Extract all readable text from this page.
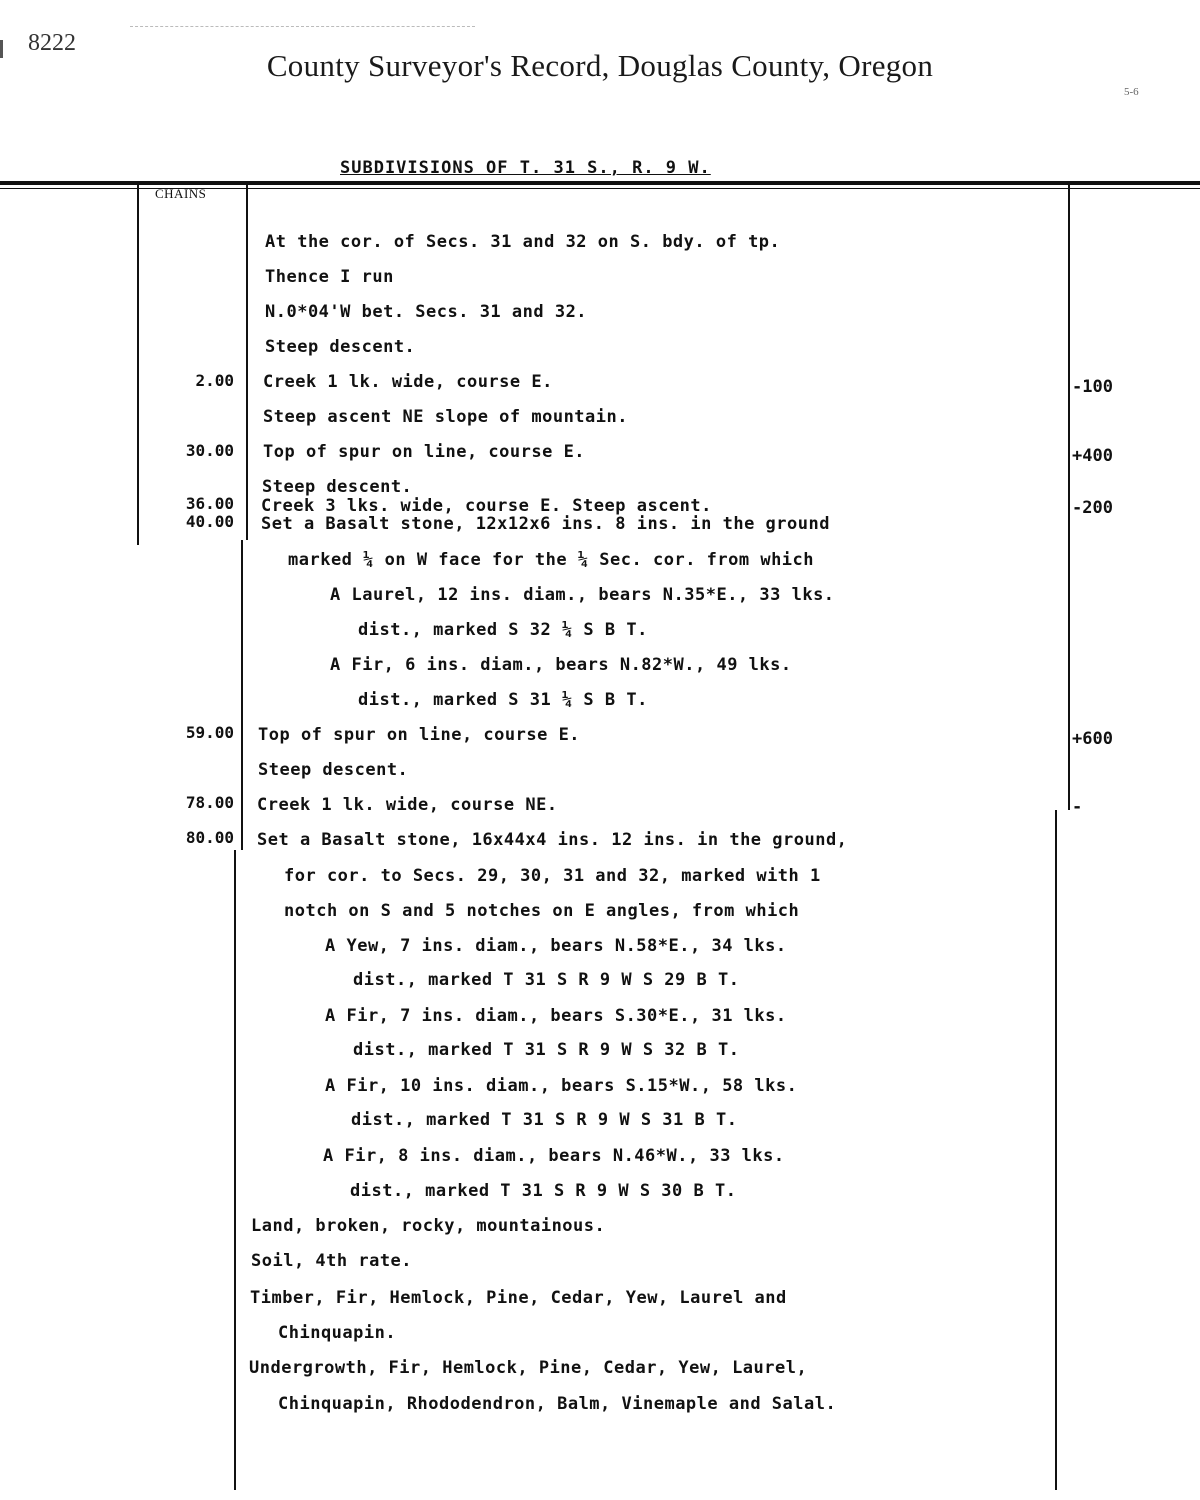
8222
County Surveyor's Record, Douglas County, Oregon
5-6
SUBDIVISIONS OF T. 31 S., R. 9 W.
CHAINS
2.00
30.00
36.00
40.00
59.00
78.00
80.00
-100
+400
-200
+600
-
At the cor. of Secs. 31 and 32 on S. bdy. of tp.
Thence I run
N.0*04'W bet. Secs. 31 and 32.
Steep descent.
Creek 1 lk. wide, course E.
Steep ascent NE slope of mountain.
Top of spur on line, course E.
Steep descent.
Creek 3 lks. wide, course E. Steep ascent.
Set a Basalt stone, 12x12x6 ins. 8 ins. in the ground
marked ¼ on W face for the ¼ Sec. cor. from which
A Laurel, 12 ins. diam., bears N.35*E., 33 lks.
dist., marked S 32 ¼ S B T.
A Fir, 6 ins. diam., bears N.82*W., 49 lks.
dist., marked S 31 ¼ S B T.
Top of spur on line, course E.
Steep descent.
Creek 1 lk. wide, course NE.
Set a Basalt stone, 16x44x4 ins. 12 ins. in the ground,
for cor. to Secs. 29, 30, 31 and 32, marked with 1
notch on S and 5 notches on E angles, from which
A Yew, 7 ins. diam., bears N.58*E., 34 lks.
dist., marked T 31 S R 9 W S 29 B T.
A Fir, 7 ins. diam., bears S.30*E., 31 lks.
dist., marked T 31 S R 9 W S 32 B T.
A Fir, 10 ins. diam., bears S.15*W., 58 lks.
dist., marked T 31 S R 9 W S 31 B T.
A Fir, 8 ins. diam., bears N.46*W., 33 lks.
dist., marked T 31 S R 9 W S 30 B T.
Land, broken, rocky, mountainous.
Soil, 4th rate.
Timber, Fir, Hemlock, Pine, Cedar, Yew, Laurel and
Chinquapin.
Undergrowth, Fir, Hemlock, Pine, Cedar, Yew, Laurel,
Chinquapin, Rhododendron, Balm, Vinemaple and Salal.
